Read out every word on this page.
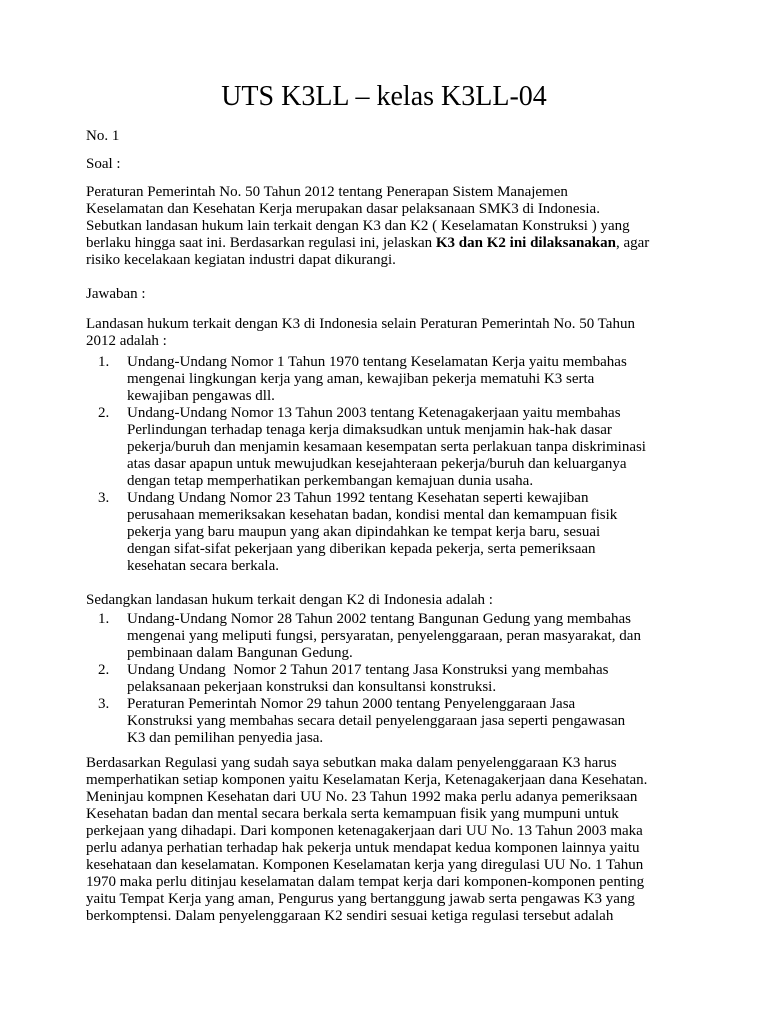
UTS K3LL – kelas K3LL-04
No. 1
Soal :
Peraturan Pemerintah No. 50 Tahun 2012 tentang Penerapan Sistem Manajemen
Keselamatan dan Kesehatan Kerja merupakan dasar pelaksanaan SMK3 di Indonesia.
Sebutkan landasan hukum lain terkait dengan K3 dan K2 ( Keselamatan Konstruksi ) yang
berlaku hingga saat ini. Berdasarkan regulasi ini, jelaskan K3 dan K2 ini dilaksanakan, agar
risiko kecelakaan kegiatan industri dapat dikurangi.
Jawaban :
Landasan hukum terkait dengan K3 di Indonesia selain Peraturan Pemerintah No. 50 Tahun
2012 adalah :
1.	Undang-Undang Nomor 1 Tahun 1970 tentang Keselamatan Kerja yaitu membahas
mengenai lingkungan kerja yang aman, kewajiban pekerja mematuhi K3 serta
kewajiban pengawas dll.
2.	Undang-Undang Nomor 13 Tahun 2003 tentang Ketenagakerjaan yaitu membahas
Perlindungan terhadap tenaga kerja dimaksudkan untuk menjamin hak-hak dasar
pekerja/buruh dan menjamin kesamaan kesempatan serta perlakuan tanpa diskriminasi
atas dasar apapun untuk mewujudkan kesejahteraan pekerja/buruh dan keluarganya
dengan tetap memperhatikan perkembangan kemajuan dunia usaha.
3.	Undang Undang Nomor 23 Tahun 1992 tentang Kesehatan seperti kewajiban
perusahaan memeriksakan kesehatan badan, kondisi mental dan kemampuan fisik
pekerja yang baru maupun yang akan dipindahkan ke tempat kerja baru, sesuai
dengan sifat-sifat pekerjaan yang diberikan kepada pekerja, serta pemeriksaan
kesehatan secara berkala.
Sedangkan landasan hukum terkait dengan K2 di Indonesia adalah :
1.	Undang-Undang Nomor 28 Tahun 2002 tentang Bangunan Gedung yang membahas
mengenai yang meliputi fungsi, persyaratan, penyelenggaraan, peran masyarakat, dan
pembinaan dalam Bangunan Gedung.
2.	Undang Undang  Nomor 2 Tahun 2017 tentang Jasa Konstruksi yang membahas
pelaksanaan pekerjaan konstruksi dan konsultansi konstruksi.
3.	Peraturan Pemerintah Nomor 29 tahun 2000 tentang Penyelenggaraan Jasa
Konstruksi yang membahas secara detail penyelenggaraan jasa seperti pengawasan
K3 dan pemilihan penyedia jasa.
Berdasarkan Regulasi yang sudah saya sebutkan maka dalam penyelenggaraan K3 harus
memperhatikan setiap komponen yaitu Keselamatan Kerja, Ketenagakerjaan dana Kesehatan.
Meninjau kompnen Kesehatan dari UU No. 23 Tahun 1992 maka perlu adanya pemeriksaan
Kesehatan badan dan mental secara berkala serta kemampuan fisik yang mumpuni untuk
perkejaan yang dihadapi. Dari komponen ketenagakerjaan dari UU No. 13 Tahun 2003 maka
perlu adanya perhatian terhadap hak pekerja untuk mendapat kedua komponen lainnya yaitu
kesehataan dan keselamatan. Komponen Keselamatan kerja yang diregulasi UU No. 1 Tahun
1970 maka perlu ditinjau keselamatan dalam tempat kerja dari komponen-komponen penting
yaitu Tempat Kerja yang aman, Pengurus yang bertanggung jawab serta pengawas K3 yang
berkomptensi. Dalam penyelenggaraan K2 sendiri sesuai ketiga regulasi tersebut adalah
